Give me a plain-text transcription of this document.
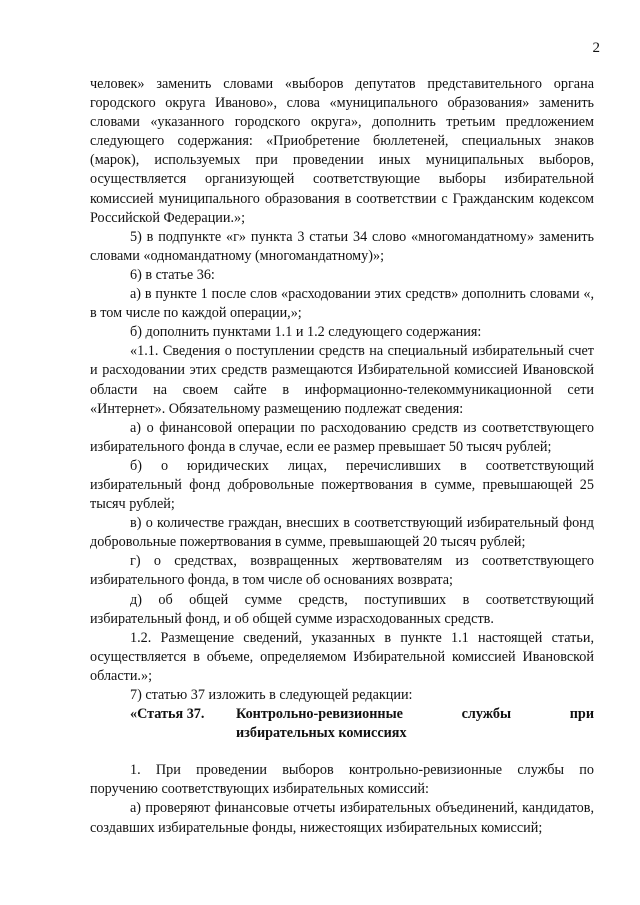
2

человек» заменить словами «выборов депутатов представительного органа городского округа Иваново», слова «муниципального образования» заменить словами «указанного городского округа», дополнить третьим предложением следующего содержания: «Приобретение бюллетеней, специальных знаков (марок), используемых при проведении иных муниципальных выборов, осуществляется организующей соответствующие выборы избирательной комиссией муниципального образования в соответствии с Гражданским кодексом Российской Федерации.»;

5) в подпункте «г» пункта 3 статьи 34 слово «многомандатному» заменить словами «одномандатному (многомандатному)»;

6) в статье 36:

а) в пункте 1 после слов «расходовании этих средств» дополнить словами «, в том числе по каждой операции,»;

б) дополнить пунктами 1.1 и 1.2 следующего содержания:

«1.1. Сведения о поступлении средств на специальный избирательный счет и расходовании этих средств размещаются Избирательной комиссией Ивановской области на своем сайте в информационно-телекоммуникационной сети «Интернет». Обязательному размещению подлежат сведения:

а) о финансовой операции по расходованию средств из соответствующего избирательного фонда в случае, если ее размер превышает 50 тысяч рублей;

б) о юридических лицах, перечисливших в соответствующий избирательный фонд добровольные пожертвования в сумме, превышающей 25 тысяч рублей;

в) о количестве граждан, внесших в соответствующий избирательный фонд добровольные пожертвования в сумме, превышающей 20 тысяч рублей;

г) о средствах, возвращенных жертвователям из соответствующего избирательного фонда, в том числе об основаниях возврата;

д) об общей сумме средств, поступивших в соответствующий избирательный фонд, и об общей сумме израсходованных средств.

1.2. Размещение сведений, указанных в пункте 1.1 настоящей статьи, осуществляется в объеме, определяемом Избирательной комиссией Ивановской области.»;

7) статью 37 изложить в следующей редакции:

«Статья 37.	Контрольно-ревизионные службы при
избирательных комиссиях

1. При проведении выборов контрольно-ревизионные службы по поручению соответствующих избирательных комиссий:

а) проверяют финансовые отчеты избирательных объединений, кандидатов, создавших избирательные фонды, нижестоящих избирательных комиссий;
